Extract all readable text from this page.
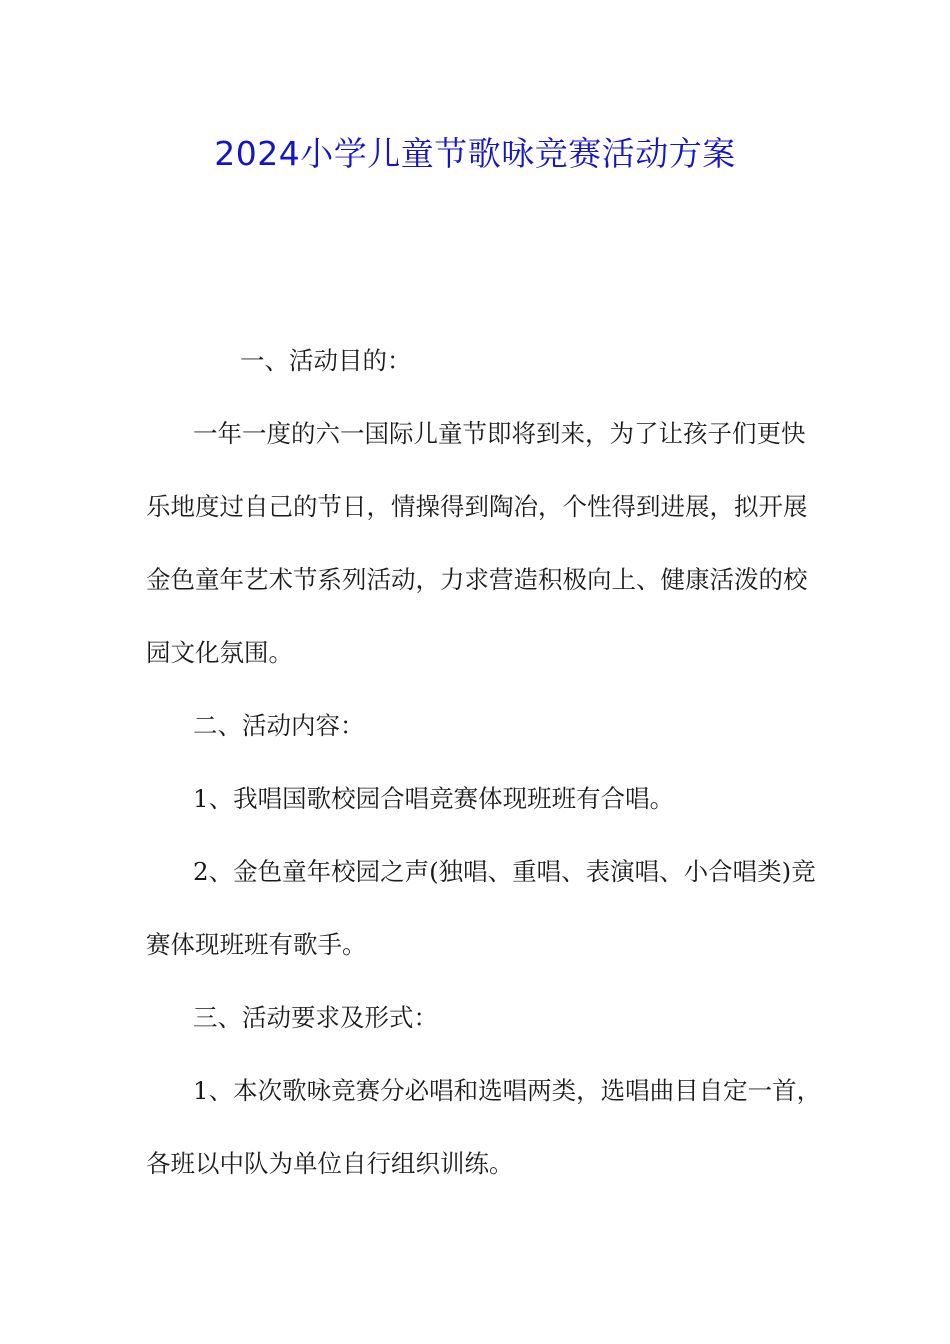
2024小学儿童节歌咏竞赛活动方案

一、活动目的：

一年一度的六一国际儿童节即将到来，为了让孩子们更快
乐地度过自己的节日，情操得到陶冶，个性得到进展，拟开展
金色童年艺术节系列活动，力求营造积极向上、健康活泼的校
园文化氛围。

二、活动内容：

1、我唱国歌校园合唱竞赛体现班班有合唱。

2、金色童年校园之声(独唱、重唱、表演唱、小合唱类)竞
赛体现班班有歌手。

三、活动要求及形式：

1、本次歌咏竞赛分必唱和选唱两类，选唱曲目自定一首，
各班以中队为单位自行组织训练。
